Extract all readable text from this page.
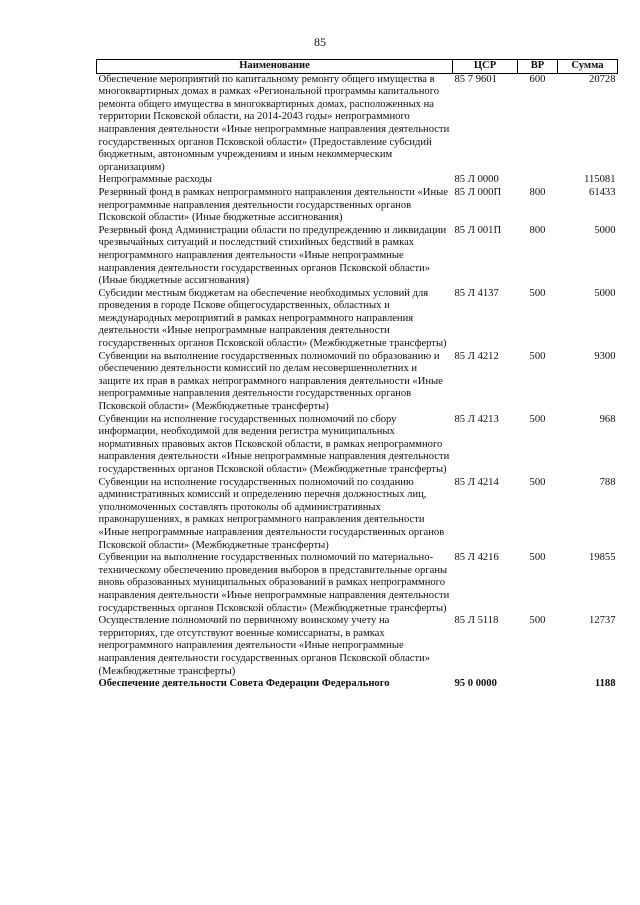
85
Наименование	ЦСР	ВР	Сумма
Обеспечение мероприятий по капитальному ремонту общего имущества в многоквартирных домах в рамках «Региональной программы капитального ремонта общего имущества в многоквартирных домах, расположенных на территории Псковской области, на 2014-2043 годы» непрограммного направления деятельности «Иные непрограммные направления деятельности государственных органов Псковской области» (Предоставление субсидий бюджетным, автономным учреждениям и иным некоммерческим организациям)	85 7 9601	600	20728
Непрограммные расходы	85 Л 0000		115081
Резервный фонд в рамках непрограммного направления деятельности «Иные непрограммные направления деятельности государственных органов Псковской области» (Иные бюджетные ассигнования)	85 Л 000П	800	61433
Резервный фонд Администрации области по предупреждению и ликвидации чрезвычайных ситуаций и последствий стихийных бедствий в рамках непрограммного направления деятельности «Иные непрограммные направления деятельности государственных органов Псковской области» (Иные бюджетные ассигнования)	85 Л 001П	800	5000
Субсидии местным бюджетам на обеспечение необходимых условий для проведения в городе Пскове общегосударственных, областных и международных мероприятий в рамках непрограммного направления деятельности «Иные непрограммные направления деятельности государственных органов Псковской области» (Межбюджетные трансферты)	85 Л 4137	500	5000
Субвенции на выполнение государственных полномочий по образованию и обеспечению деятельности комиссий по делам несовершеннолетних и защите их прав в рамках непрограммного направления деятельности «Иные непрограммные направления деятельности государственных органов Псковской области» (Межбюджетные трансферты)	85 Л 4212	500	9300
Субвенции на исполнение государственных полномочий по сбору информации, необходимой для ведения регистра муниципальных нормативных правовых актов Псковской области, в рамках непрограммного направления деятельности «Иные непрограммные направления деятельности государственных органов Псковской области» (Межбюджетные трансферты)	85 Л 4213	500	968
Субвенции на исполнение государственных полномочий по созданию административных комиссий и определению перечня должностных лиц, уполномоченных составлять протоколы об административных правонарушениях, в рамках непрограммного направления деятельности «Иные непрограммные направления деятельности государственных органов Псковской области» (Межбюджетные трансферты)	85 Л 4214	500	788
Субвенции на выполнение государственных полномочий по материально-техническому обеспечению проведения выборов в представительные органы вновь образованных муниципальных образований в рамках непрограммного направления деятельности «Иные непрограммные направления деятельности государственных органов Псковской области» (Межбюджетные трансферты)	85 Л 4216	500	19855
Осуществление полномочий по первичному воинскому учету на территориях, где отсутствуют военные комиссариаты, в рамках непрограммного направления деятельности «Иные непрограммные направления деятельности государственных органов Псковской области» (Межбюджетные трансферты)	85 Л 5118	500	12737
Обеспечение деятельности Совета Федерации Федерального	95 0 0000		1188
